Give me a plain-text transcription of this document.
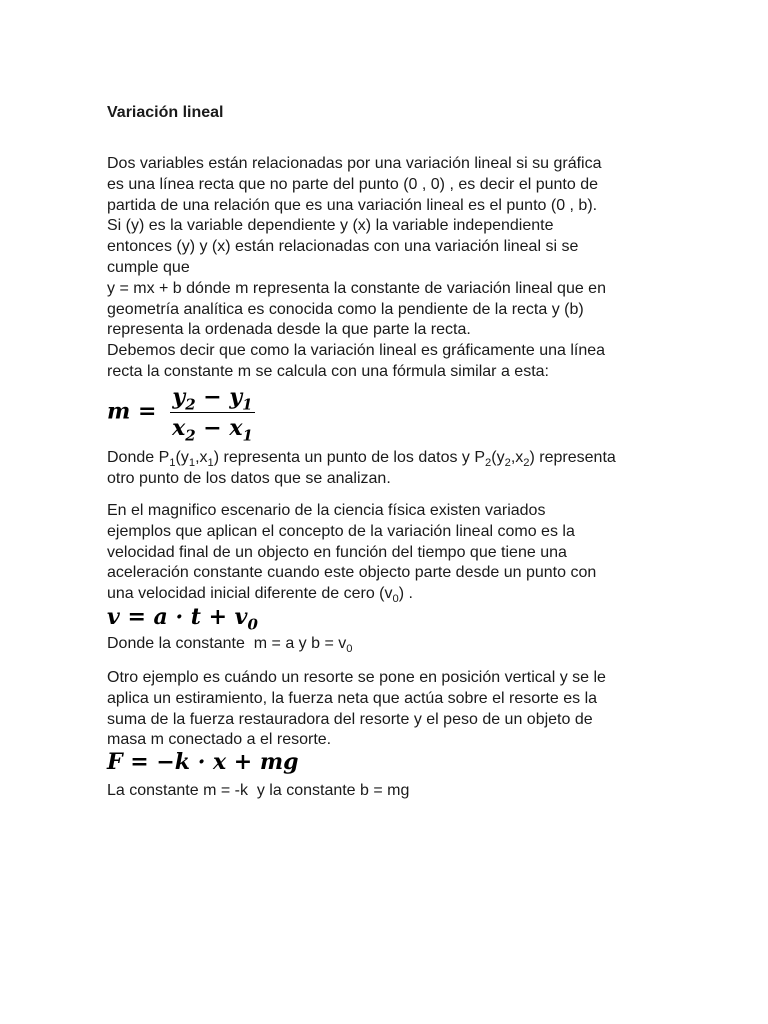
Variación lineal
Dos variables están relacionadas por una variación lineal si su gráfica
es una línea recta que no parte del punto (0 , 0) , es decir el punto de
partida de una relación que es una variación lineal es el punto (0 , b).
Si (y) es la variable dependiente y (x) la variable independiente
entonces (y) y (x) están relacionadas con una variación lineal si se
cumple que
y = mx + b dónde m representa la constante de variación lineal que en
geometría analítica es conocida como la pendiente de la recta y (b)
representa la ordenada desde la que parte la recta.
Debemos decir que como la variación lineal es gráficamente una línea
recta la constante m se calcula con una fórmula similar a esta:
$m = \frac{y_2 - y_1}{x_2 - x_1}$
Donde $P_1(y_1,x_1)$ representa un punto de los datos y $P_2(y_2,x_2)$ representa
otro punto de los datos que se analizan.
En el magnifico escenario de la ciencia física existen variados
ejemplos que aplican el concepto de la variación lineal como es la
velocidad final de un objecto en función del tiempo que tiene una
aceleración constante cuando este objecto parte desde un punto con
una velocidad inicial diferente de cero $(v_0)$ .
$v = a \cdot t + v_0$
Donde la constante  m = a y $b = v_0$
Otro ejemplo es cuándo un resorte se pone en posición vertical y se le
aplica un estiramiento, la fuerza neta que actúa sobre el resorte es la
suma de la fuerza restauradora del resorte y el peso de un objeto de
masa m conectado a el resorte.
F = −k · x + mg
La constante m = -k  y la constante b = mg
